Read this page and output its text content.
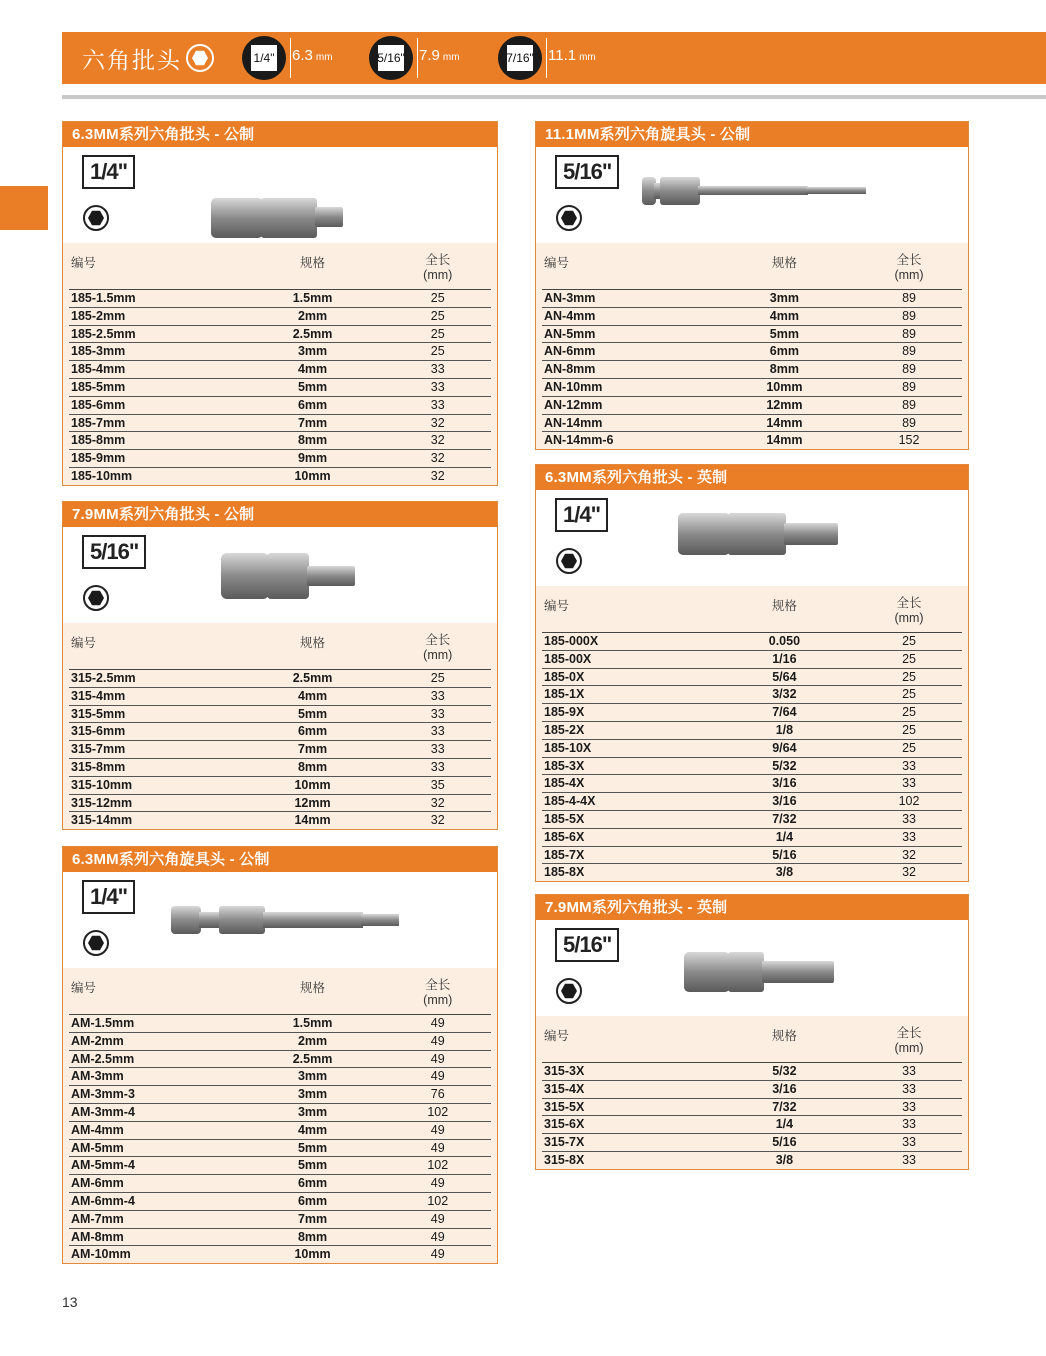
六角批头	1/4" 6.3 mm	5/16" 7.9 mm	7/16" 11.1 mm
6.3MM系列六角批头 - 公制
1/4"
编号	规格	全长
(mm)
185-1.5mm	1.5mm	25
185-2mm	2mm	25
185-2.5mm	2.5mm	25
185-3mm	3mm	25
185-4mm	4mm	33
185-5mm	5mm	33
185-6mm	6mm	33
185-7mm	7mm	32
185-8mm	8mm	32
185-9mm	9mm	32
185-10mm	10mm	32
7.9MM系列六角批头 - 公制
5/16"
编号	规格	全长
(mm)
315-2.5mm	2.5mm	25
315-4mm	4mm	33
315-5mm	5mm	33
315-6mm	6mm	33
315-7mm	7mm	33
315-8mm	8mm	33
315-10mm	10mm	35
315-12mm	12mm	32
315-14mm	14mm	32
6.3MM系列六角旋具头 - 公制
1/4"
编号	规格	全长
(mm)
AM-1.5mm	1.5mm	49
AM-2mm	2mm	49
AM-2.5mm	2.5mm	49
AM-3mm	3mm	49
AM-3mm-3	3mm	76
AM-3mm-4	3mm	102
AM-4mm	4mm	49
AM-5mm	5mm	49
AM-5mm-4	5mm	102
AM-6mm	6mm	49
AM-6mm-4	6mm	102
AM-7mm	7mm	49
AM-8mm	8mm	49
AM-10mm	10mm	49
11.1MM系列六角旋具头 - 公制
5/16"
编号	规格	全长
(mm)
AN-3mm	3mm	89
AN-4mm	4mm	89
AN-5mm	5mm	89
AN-6mm	6mm	89
AN-8mm	8mm	89
AN-10mm	10mm	89
AN-12mm	12mm	89
AN-14mm	14mm	89
AN-14mm-6	14mm	152
6.3MM系列六角批头 - 英制
1/4"
编号	规格	全长
(mm)
185-000X	0.050	25
185-00X	1/16	25
185-0X	5/64	25
185-1X	3/32	25
185-9X	7/64	25
185-2X	1/8	25
185-10X	9/64	25
185-3X	5/32	33
185-4X	3/16	33
185-4-4X	3/16	102
185-5X	7/32	33
185-6X	1/4	33
185-7X	5/16	32
185-8X	3/8	32
7.9MM系列六角批头 - 英制
5/16"
编号	规格	全长
(mm)
315-3X	5/32	33
315-4X	3/16	33
315-5X	7/32	33
315-6X	1/4	33
315-7X	5/16	33
315-8X	3/8	33
13
